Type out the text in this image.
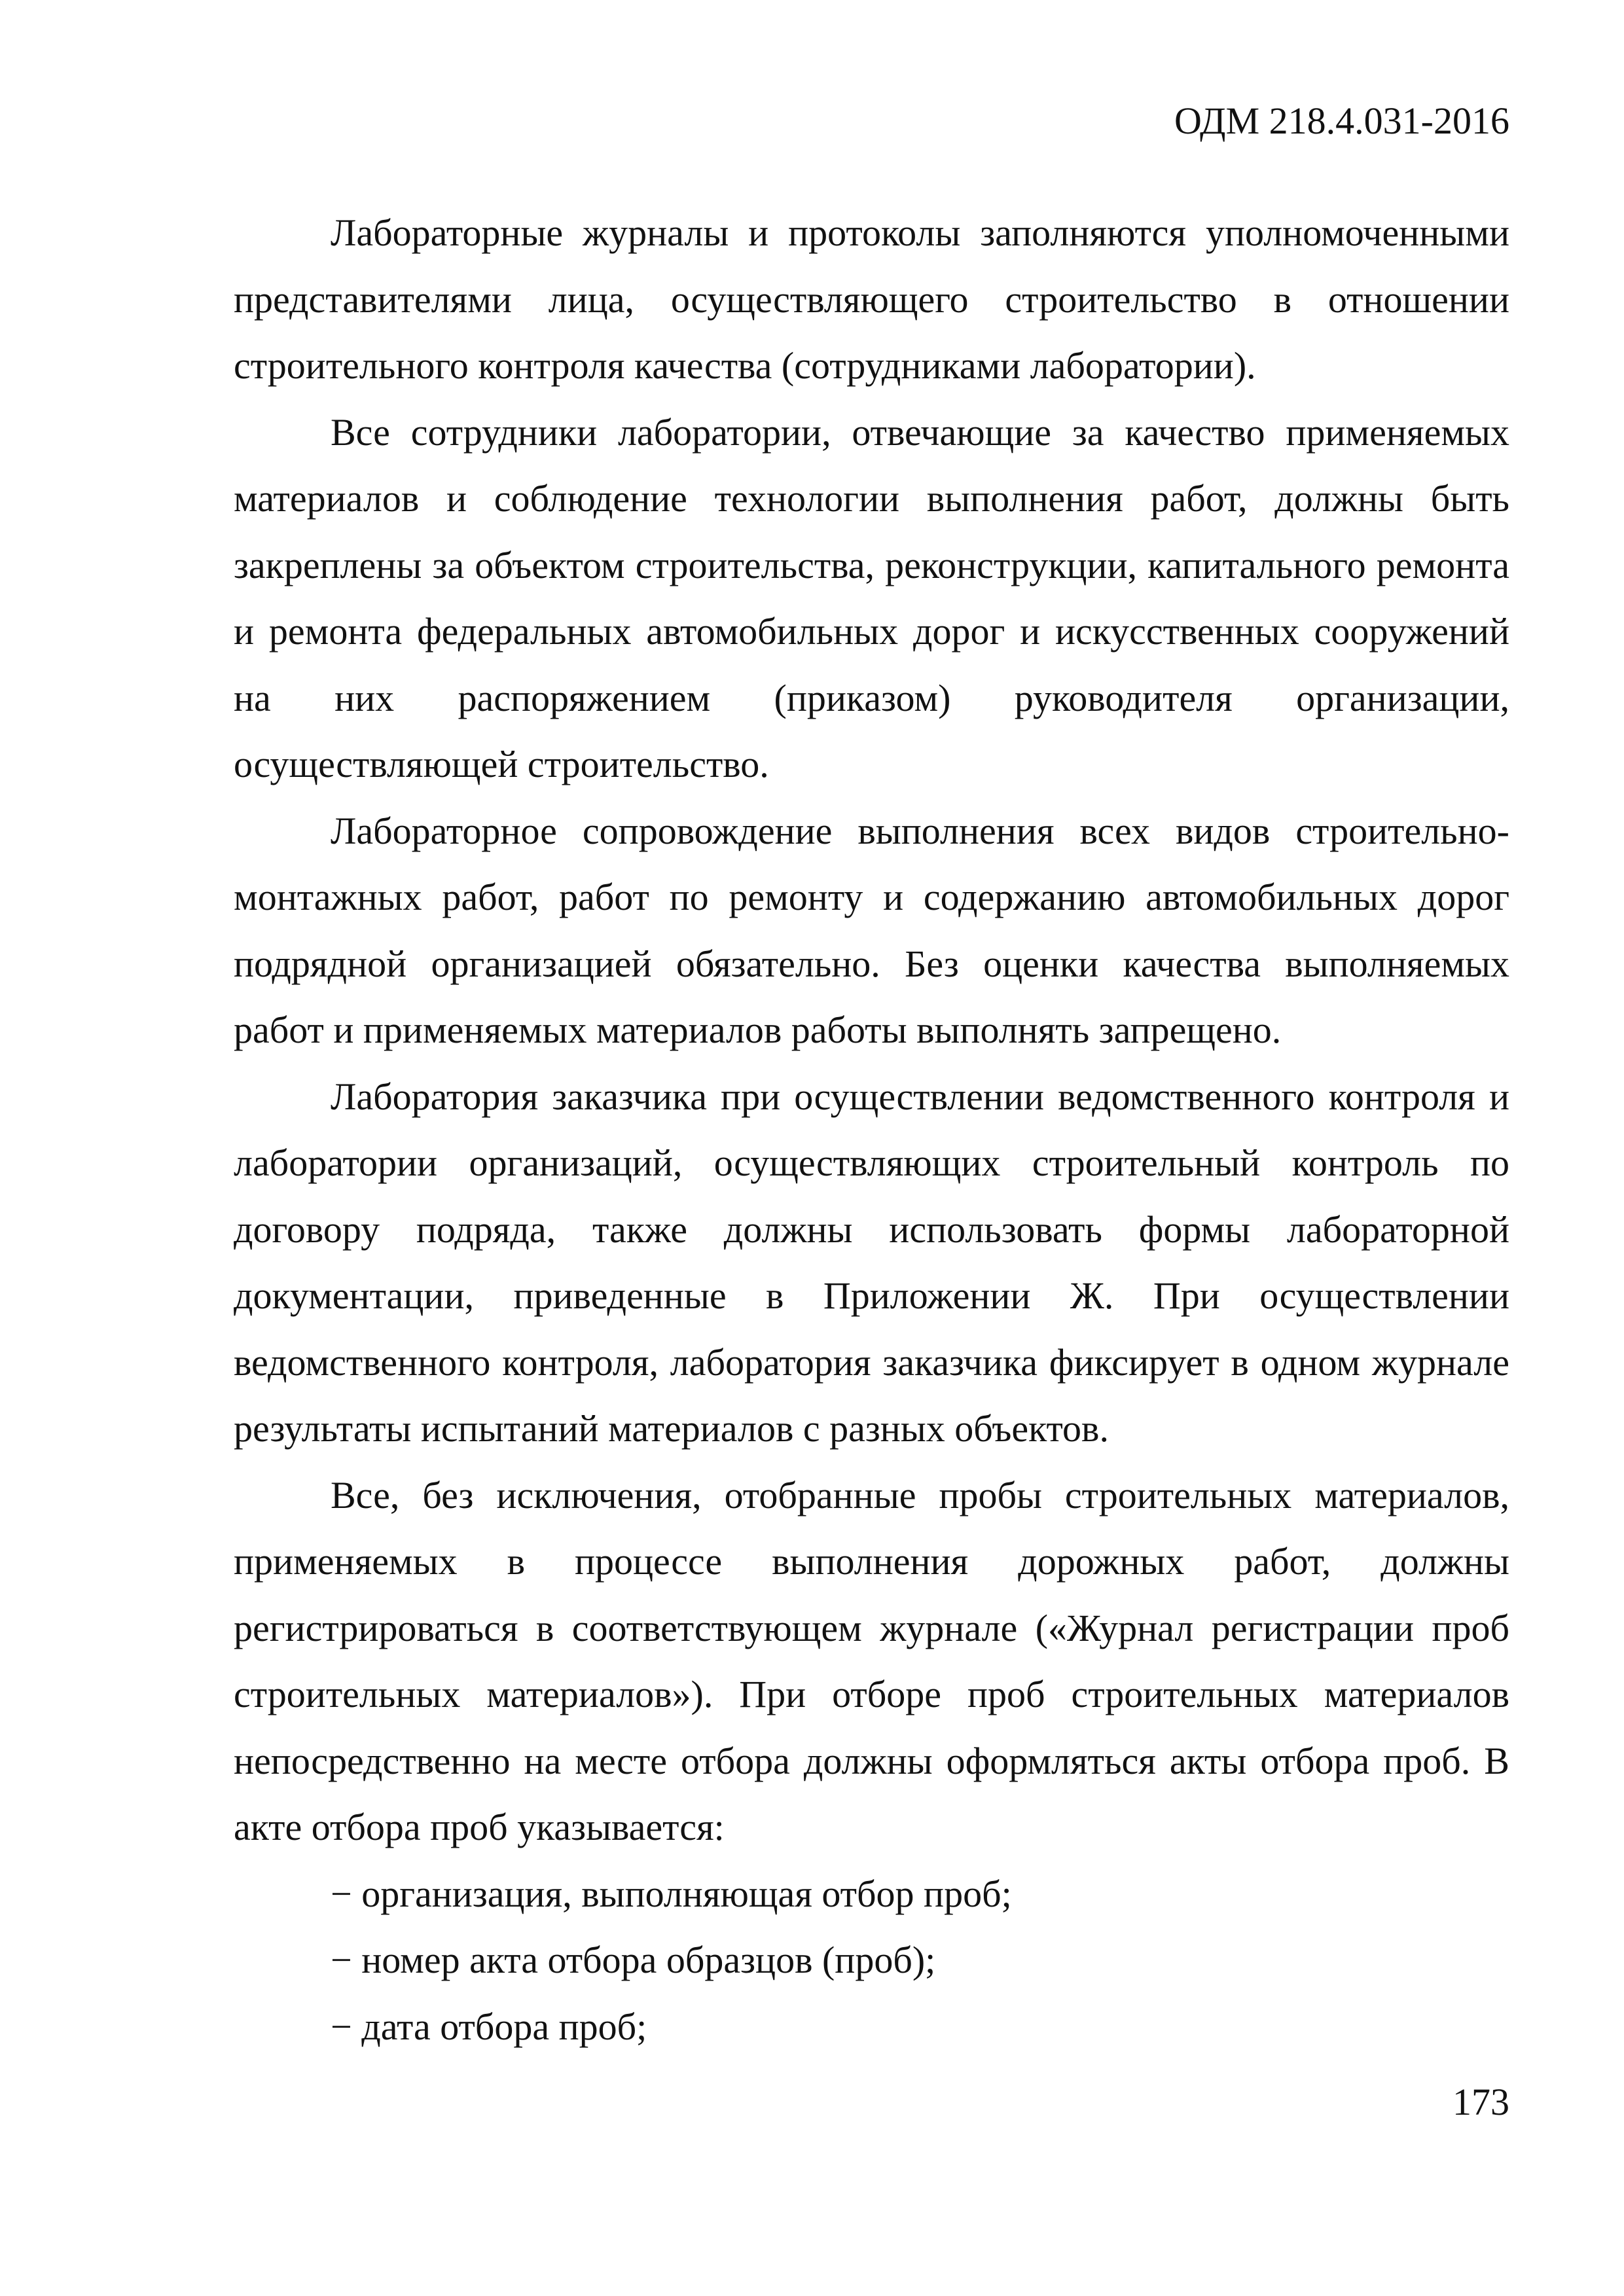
ОДМ 218.4.031-2016

Лабораторные журналы и протоколы заполняются уполномоченными представителями лица, осуществляющего строительство в отношении строительного контроля качества (сотрудниками лаборатории).

Все сотрудники лаборатории, отвечающие за качество применяемых материалов и соблюдение технологии выполнения работ, должны быть закреплены за объектом строительства, реконструкции, капитального ремонта и ремонта федеральных автомобильных дорог и искусственных сооружений на них распоряжением (приказом) руководителя организации, осуществляющей строительство.

Лабораторное сопровождение выполнения всех видов строительно-монтажных работ, работ по ремонту и содержанию автомобильных дорог подрядной организацией обязательно. Без оценки качества выполняемых работ и применяемых материалов работы выполнять запрещено.

Лаборатория заказчика при осуществлении ведомственного контроля и лаборатории организаций, осуществляющих строительный контроль по договору подряда, также должны использовать формы лабораторной документации, приведенные в Приложении Ж. При осуществлении ведомственного контроля, лаборатория заказчика фиксирует в одном журнале результаты испытаний материалов с разных объектов.

Все, без исключения, отобранные пробы строительных материалов, применяемых в процессе выполнения дорожных работ, должны регистрироваться в соответствующем журнале («Журнал регистрации проб строительных материалов»). При отборе проб строительных материалов непосредственно на месте отбора должны оформляться акты отбора проб. В акте отбора проб указывается:

− организация, выполняющая отбор проб;

− номер акта отбора образцов (проб);

− дата отбора проб;

173
